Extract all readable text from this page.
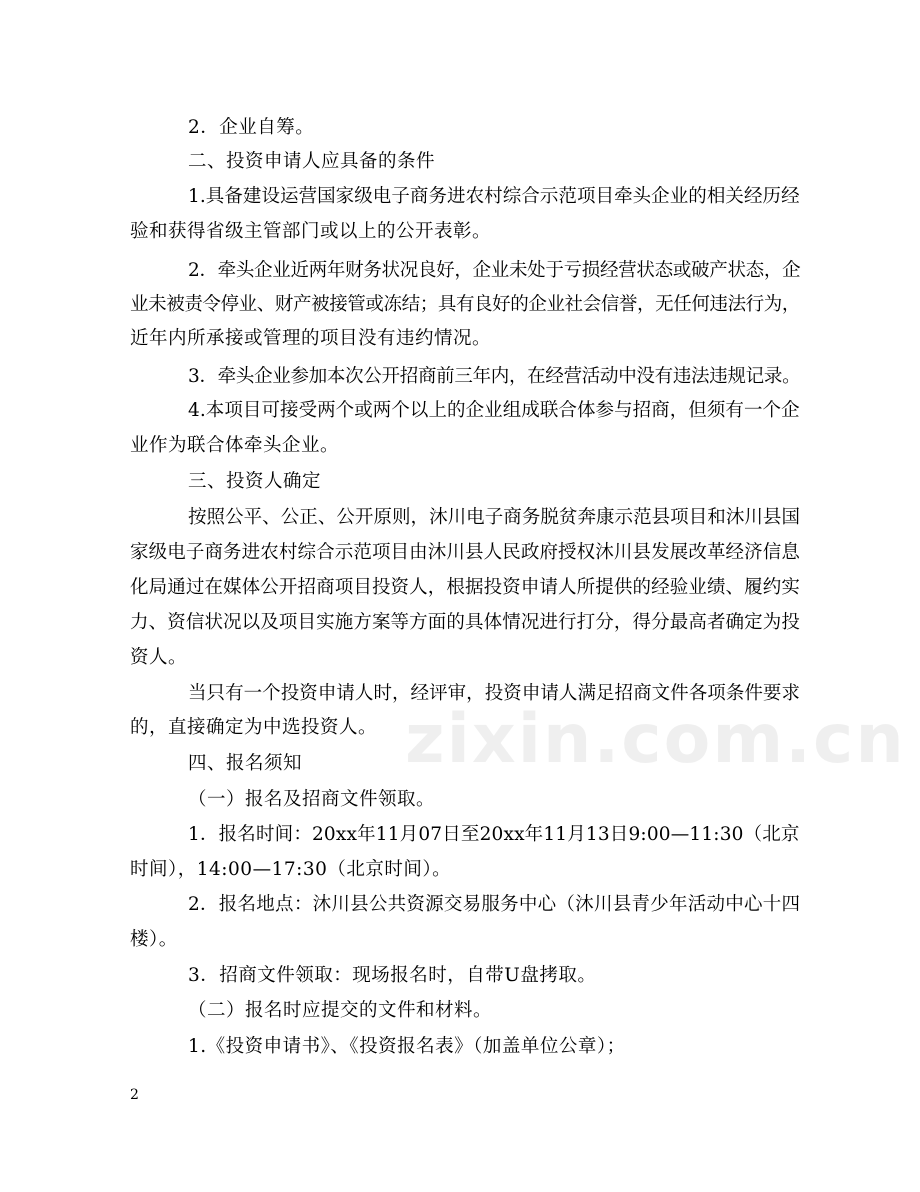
2．企业自筹。
二、投资申请人应具备的条件
1.具备建设运营国家级电子商务进农村综合示范项目牵头企业的相关经历经
验和获得省级主管部门或以上的公开表彰。
2．牵头企业近两年财务状况良好，企业未处于亏损经营状态或破产状态，企
业未被责令停业、财产被接管或冻结；具有良好的企业社会信誉，无任何违法行为，
近年内所承接或管理的项目没有违约情况。
3．牵头企业参加本次公开招商前三年内，在经营活动中没有违法违规记录。
4.本项目可接受两个或两个以上的企业组成联合体参与招商，但须有一个企
业作为联合体牵头企业。
三、投资人确定
按照公平、公正、公开原则，沐川电子商务脱贫奔康示范县项目和沐川县国
家级电子商务进农村综合示范项目由沐川县人民政府授权沐川县发展改革经济信息
化局通过在媒体公开招商项目投资人，根据投资申请人所提供的经验业绩、履约实
力、资信状况以及项目实施方案等方面的具体情况进行打分，得分最高者确定为投
资人。
当只有一个投资申请人时，经评审，投资申请人满足招商文件各项条件要求
的，直接确定为中选投资人。
四、报名须知
（一）报名及招商文件领取。
1．报名时间：20xx年11月07日至20xx年11月13日9:00—11:30（北京
时间），14:00—17:30（北京时间）。
2．报名地点：沐川县公共资源交易服务中心（沐川县青少年活动中心十四
楼）。
3．招商文件领取：现场报名时，自带U盘拷取。
（二）报名时应提交的文件和材料。
1.《投资申请书》、《投资报名表》（加盖单位公章）；
zixin.com.cn
2
